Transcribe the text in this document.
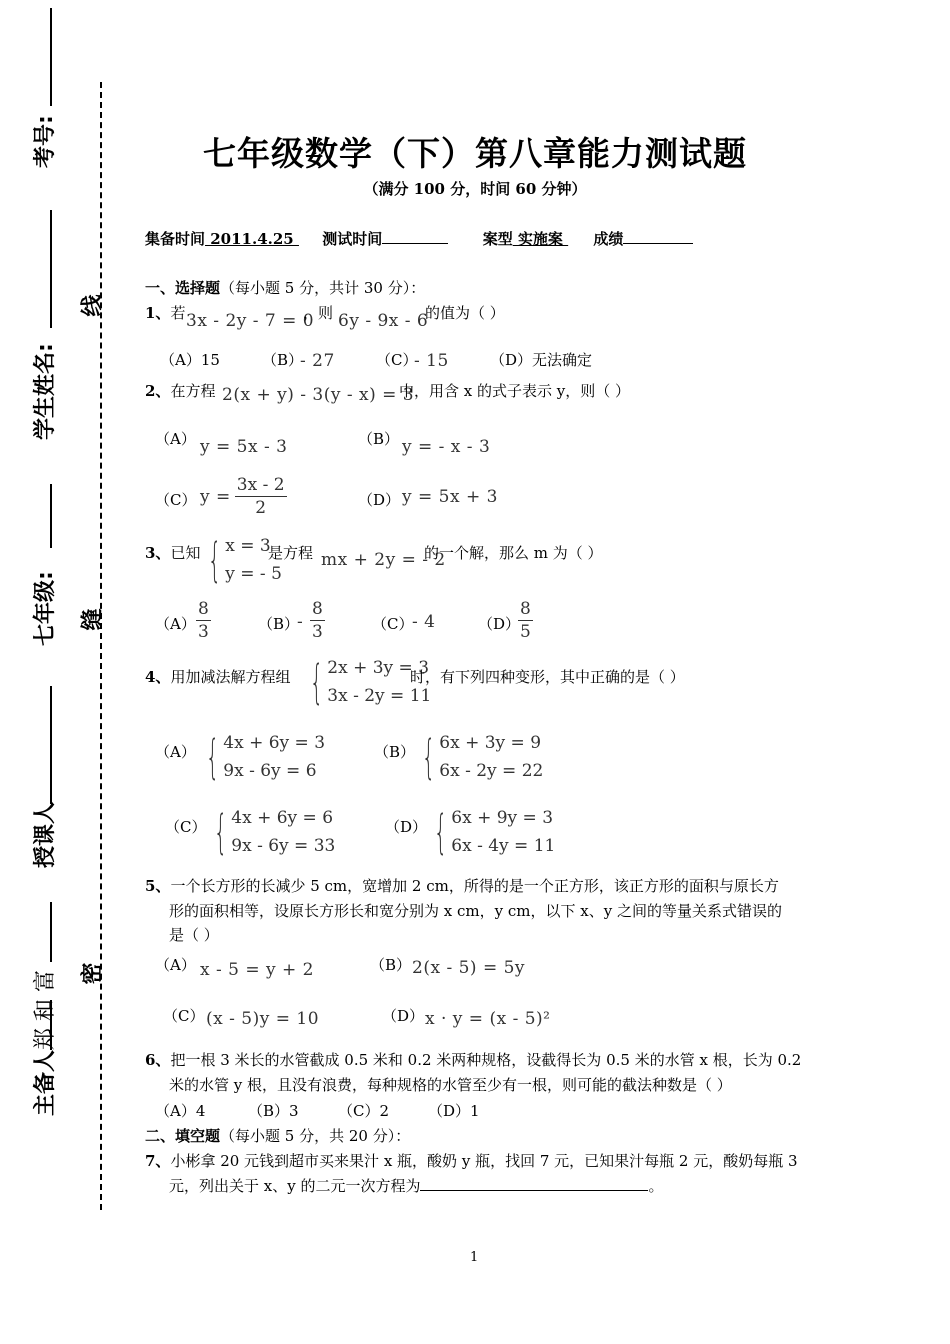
考号:
学生姓名:
七年级:
授课人
郑 和 富
主备人
线
缝
密
七年级数学（下）第八章能力测试题
（满分 100 分，时间 60 分钟）
集备时间 2011.4.25  测试时间	案型 实施案  成绩
一、选择题（每小题 5 分，共计 30 分）：
1、若 3x - 2y - 7 = 0
，则 6y - 9x - 6
的值为（ ）
（A）15	（B）
- 27	（C）
- 15	（D）无法确定
2、在方程 2(x + y) - 3(y - x) = 3
中，用含 x 的式子表示 y，则（ ）
（A） y = 5x - 3	（B） y = - x - 3
（C） $y = \frac{3x - 2}{2}$	（D） y = 5x + 3
3、已知 { x = 3
y = - 5
是方程 mx + 2y = - 2
的一个解，那么 m 为（ ）
$(A) \frac{8}{3}$	（B）
- $\frac{8}{3}$	（C）
- 4	（D）
$\frac{8}{5}$
4、用加减法解方程组 { 2x + 3y = 3
3x - 2y = 11
时，有下列四种变形，其中正确的是（ ）
（A） { 4x + 6y = 3
9x - 6y = 6
（B） { 6x + 3y = 9
6x - 2y = 22
（C） { 4x + 6y = 6
9x - 6y = 33
（D） { 6x + 9y = 3
6x - 4y = 11
5、一个长方形的长减少 5 cm，宽增加 2 cm，所得的是一个正方形，该正方形的面积与原长方
形的面积相等，设原长方形长和宽分别为 x cm，y cm，以下 x、y 之间的等量关系式错误的
是（ ）
（A） x - 5 = y + 2	（B） 2(x - 5) = 5y
（C） (x - 5)y = 10	（D） x · y = (x - 5)²
6、把一根 3 米长的水管截成 0.5 米和 0.2 米两种规格，设截得长为 0.5 米的水管 x 根，长为 0.2
米的水管 y 根，且没有浪费，每种规格的水管至少有一根，则可能的截法种数是（ ）
（A）4	（B）3	（C）2	（D）1
二、填空题（每小题 5 分，共 20 分）：
7、小彬拿 20 元钱到超市买来果汁 x 瓶，酸奶 y 瓶，找回 7 元，已知果汁每瓶 2 元，酸奶每瓶 3
元，列出关于 x、y 的二元一次方程为	。
1
